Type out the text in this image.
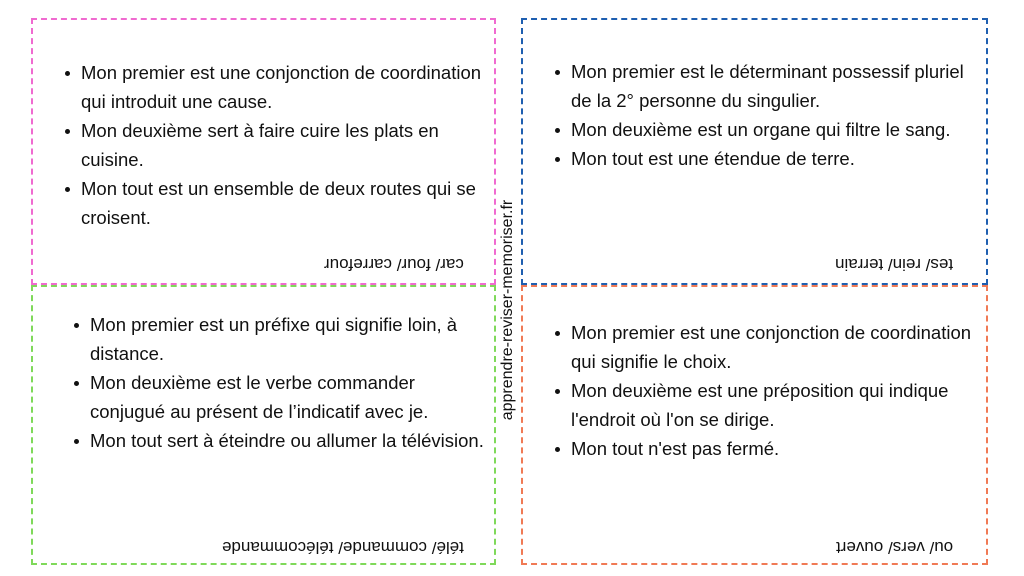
Mon premier est une conjonction de coordination qui introduit une cause.
Mon deuxième sert à faire cuire les plats en cuisine.
Mon tout est un ensemble de deux routes qui se croisent.
car/ four/ carrefour
Mon premier est le déterminant possessif pluriel de la 2° personne du singulier.
Mon deuxième est un organe qui filtre le sang.
Mon tout est une étendue de terre.
tes/ rein/ terrain
Mon premier est un préfixe qui signifie loin, à distance.
Mon deuxième est le verbe commander conjugué au présent de l’indicatif avec je.
Mon tout sert à éteindre ou allumer la télévision.
télé/ commande/ télécommande
Mon premier est une conjonction de coordination qui signifie le choix.
Mon deuxième est une préposition qui indique l'endroit où l'on se dirige.
Mon tout n'est pas fermé.
ou/ vers/ ouvert
apprendre-reviser-memoriser.fr
